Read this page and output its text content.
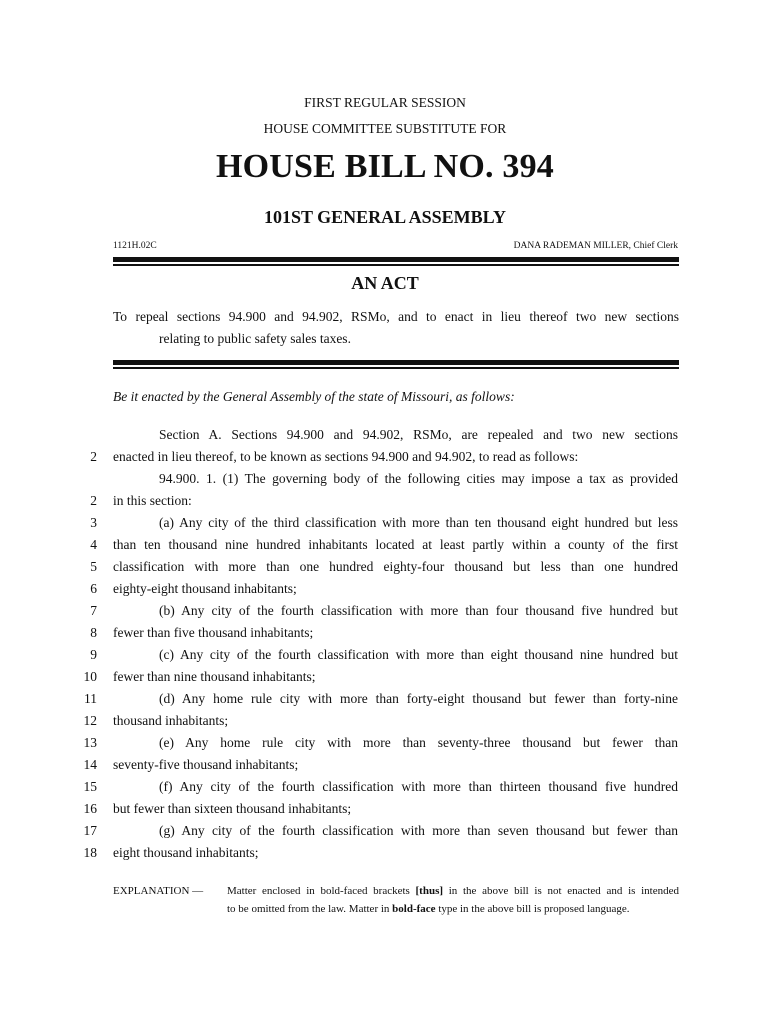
FIRST REGULAR SESSION
HOUSE COMMITTEE SUBSTITUTE FOR
HOUSE BILL NO. 394
101ST GENERAL ASSEMBLY
1121H.02C	DANA RADEMAN MILLER, Chief Clerk
AN ACT
To repeal sections 94.900 and 94.902, RSMo, and to enact in lieu thereof two new sections
relating to public safety sales taxes.
Be it enacted by the General Assembly of the state of Missouri, as follows:
Section A. Sections 94.900 and 94.902, RSMo, are repealed and two new sections
2 enacted in lieu thereof, to be known as sections 94.900 and 94.902, to read as follows:
94.900. 1. (1) The governing body of the following cities may impose a tax as provided
2 in this section:
3	(a) Any city of the third classification with more than ten thousand eight hundred but less
4 than ten thousand nine hundred inhabitants located at least partly within a county of the first
5 classification with more than one hundred eighty-four thousand but less than one hundred
6 eighty-eight thousand inhabitants;
7	(b) Any city of the fourth classification with more than four thousand five hundred but
8 fewer than five thousand inhabitants;
9	(c) Any city of the fourth classification with more than eight thousand nine hundred but
10 fewer than nine thousand inhabitants;
11	(d) Any home rule city with more than forty-eight thousand but fewer than forty-nine
12 thousand inhabitants;
13	(e) Any home rule city with more than seventy-three thousand but fewer than
14 seventy-five thousand inhabitants;
15	(f) Any city of the fourth classification with more than thirteen thousand five hundred
16 but fewer than sixteen thousand inhabitants;
17	(g) Any city of the fourth classification with more than seven thousand but fewer than
18 eight thousand inhabitants;
EXPLANATION — Matter enclosed in bold-faced brackets [thus] in the above bill is not enacted and is intended
to be omitted from the law. Matter in bold-face type in the above bill is proposed language.
